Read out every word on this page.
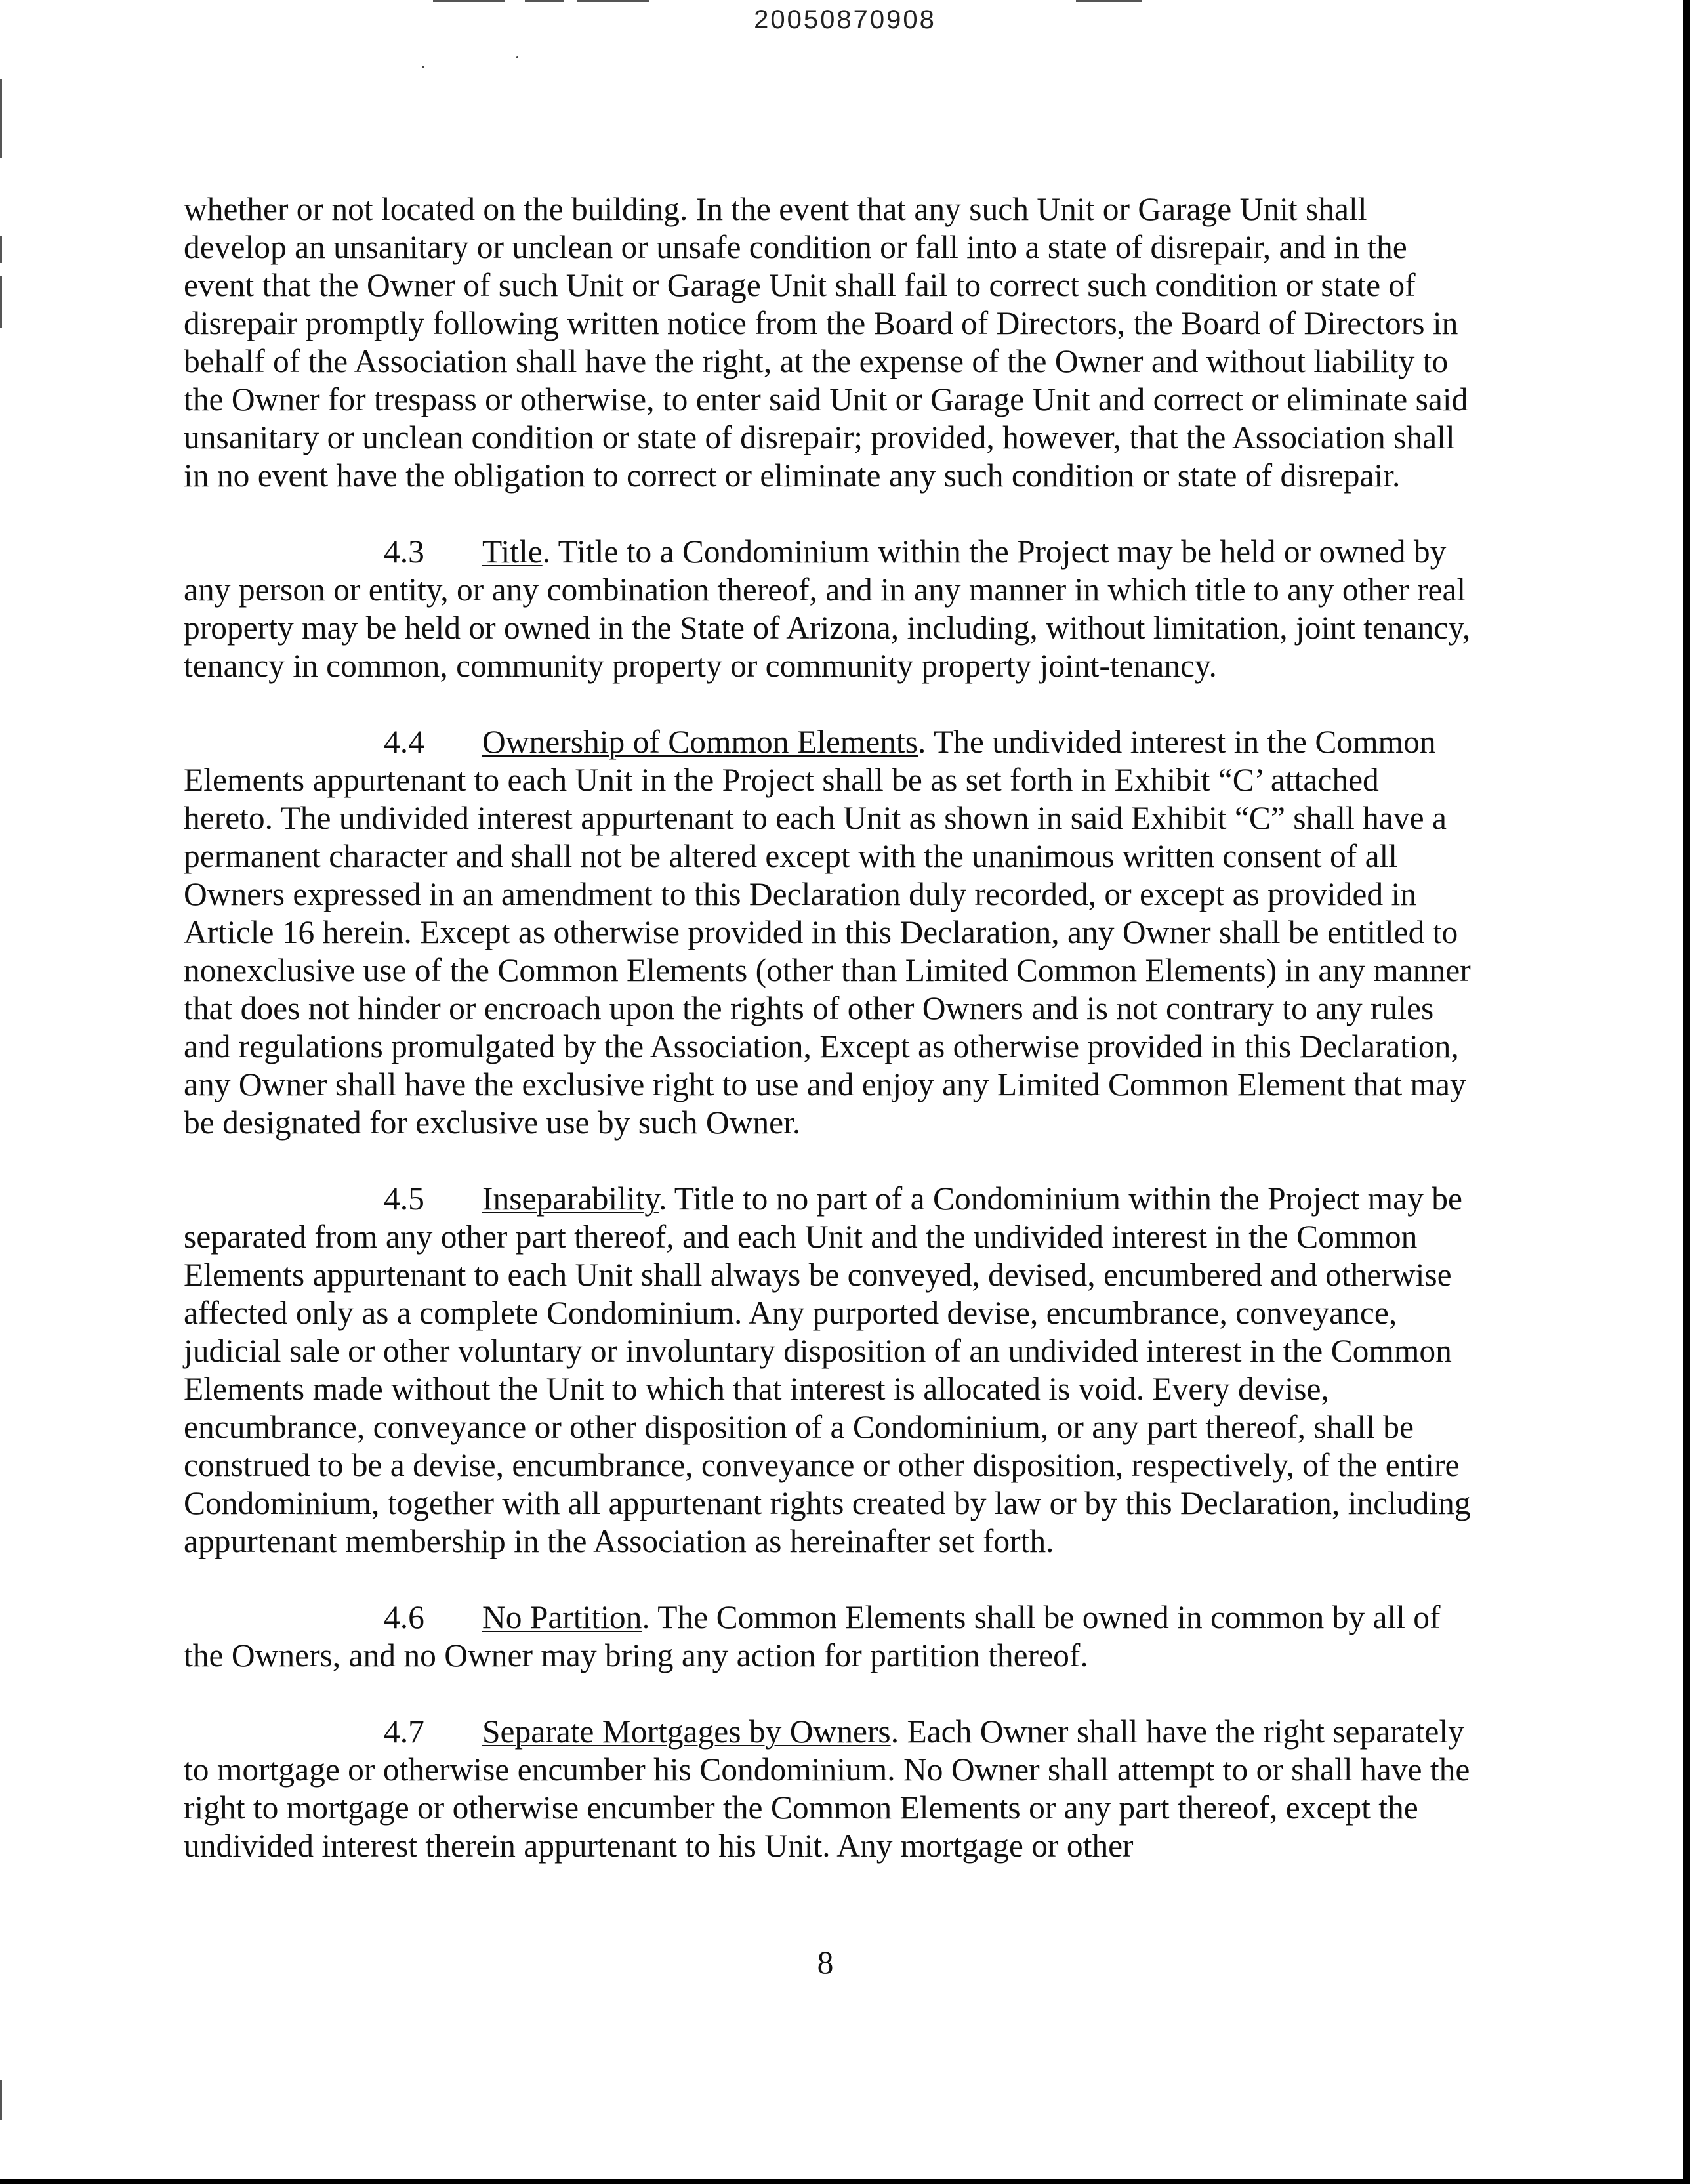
20050870908

whether or not located on the building. In the event that any such Unit or Garage Unit shall develop an unsanitary or unclean or unsafe condition or fall into a state of disrepair, and in the event that the Owner of such Unit or Garage Unit shall fail to correct such condition or state of disrepair promptly following written notice from the Board of Directors, the Board of Directors in behalf of the Association shall have the right, at the expense of the Owner and without liability to the Owner for trespass or otherwise, to enter said Unit or Garage Unit and correct or eliminate said unsanitary or unclean condition or state of disrepair; provided, however, that the Association shall in no event have the obligation to correct or eliminate any such condition or state of disrepair.

4.3 Title. Title to a Condominium within the Project may be held or owned by any person or entity, or any combination thereof, and in any manner in which title to any other real property may be held or owned in the State of Arizona, including, without limitation, joint tenancy, tenancy in common, community property or community property joint-tenancy.

4.4 Ownership of Common Elements. The undivided interest in the Common Elements appurtenant to each Unit in the Project shall be as set forth in Exhibit “C’ attached hereto. The undivided interest appurtenant to each Unit as shown in said Exhibit “C” shall have a permanent character and shall not be altered except with the unanimous written consent of all Owners expressed in an amendment to this Declaration duly recorded, or except as provided in Article 16 herein. Except as otherwise provided in this Declaration, any Owner shall be entitled to nonexclusive use of the Common Elements (other than Limited Common Elements) in any manner that does not hinder or encroach upon the rights of other Owners and is not contrary to any rules and regulations promulgated by the Association, Except as otherwise provided in this Declaration, any Owner shall have the exclusive right to use and enjoy any Limited Common Element that may be designated for exclusive use by such Owner.

4.5 Inseparability. Title to no part of a Condominium within the Project may be separated from any other part thereof, and each Unit and the undivided interest in the Common Elements appurtenant to each Unit shall always be conveyed, devised, encumbered and otherwise affected only as a complete Condominium. Any purported devise, encumbrance, conveyance, judicial sale or other voluntary or involuntary disposition of an undivided interest in the Common Elements made without the Unit to which that interest is allocated is void. Every devise, encumbrance, conveyance or other disposition of a Condominium, or any part thereof, shall be construed to be a devise, encumbrance, conveyance or other disposition, respectively, of the entire Condominium, together with all appurtenant rights created by law or by this Declaration, including appurtenant membership in the Association as hereinafter set forth.

4.6 No Partition. The Common Elements shall be owned in common by all of the Owners, and no Owner may bring any action for partition thereof.

4.7 Separate Mortgages by Owners. Each Owner shall have the right separately to mortgage or otherwise encumber his Condominium. No Owner shall attempt to or shall have the right to mortgage or otherwise encumber the Common Elements or any part thereof, except the undivided interest therein appurtenant to his Unit. Any mortgage or other

8
